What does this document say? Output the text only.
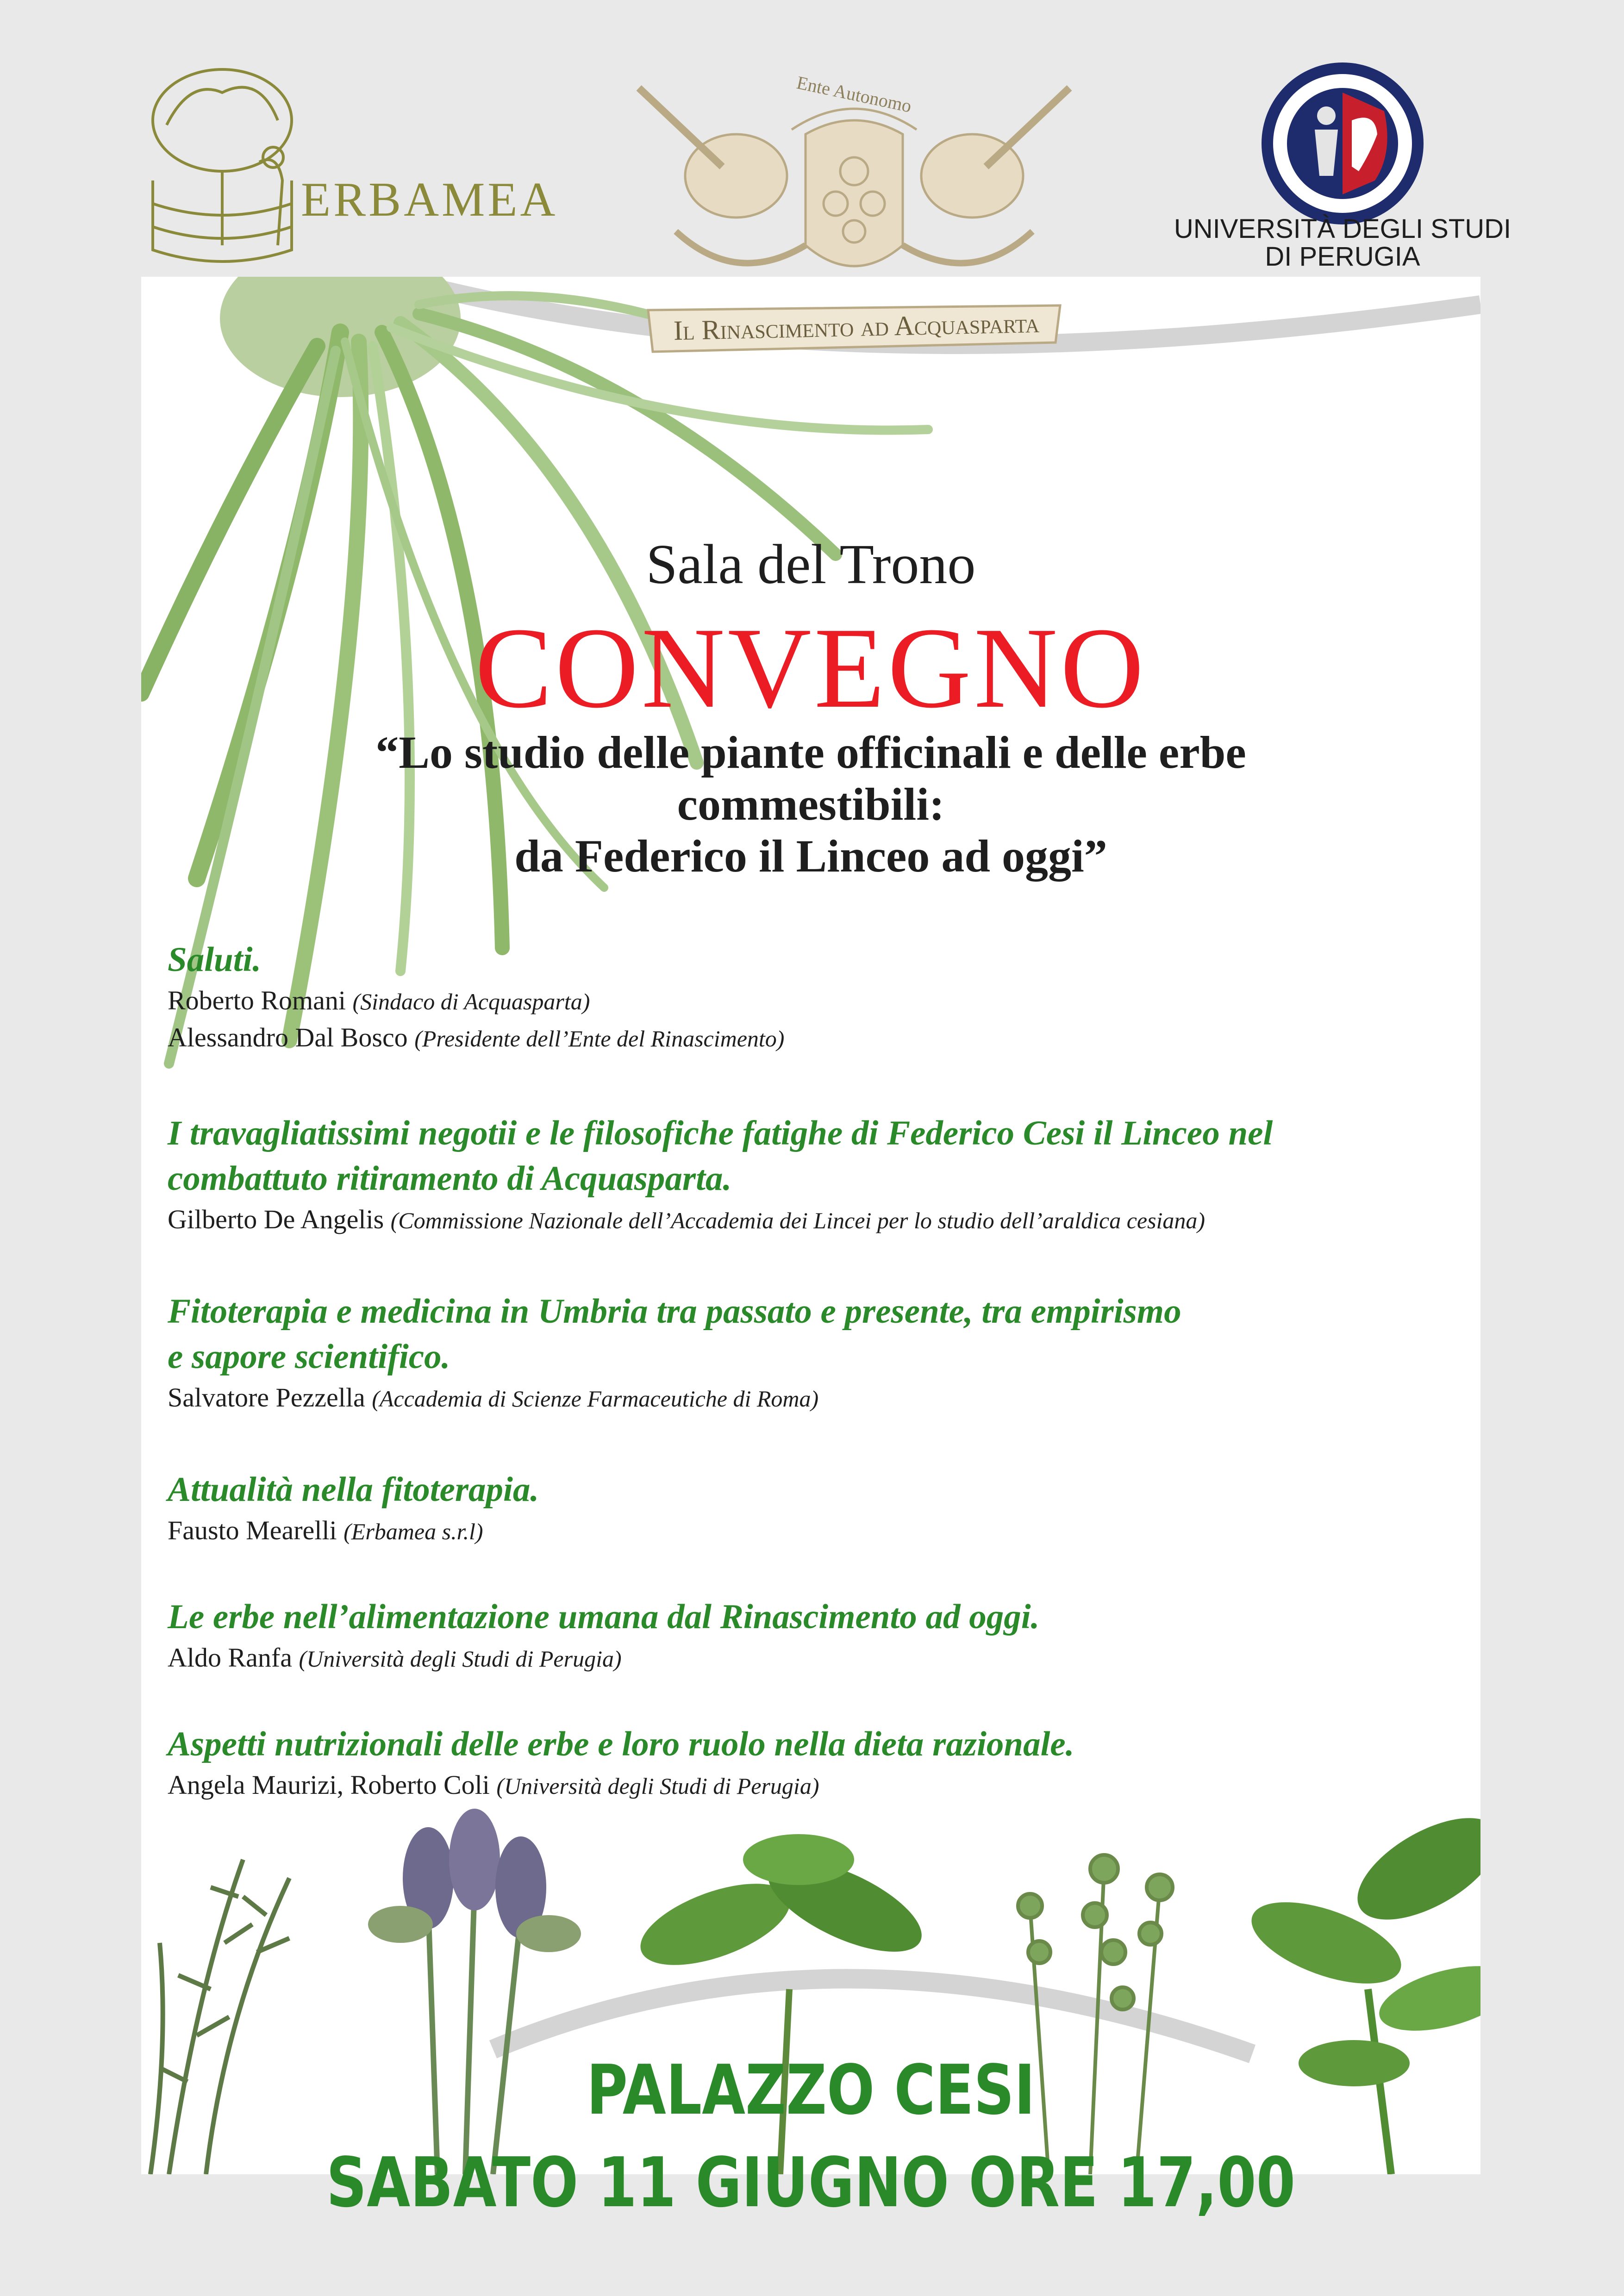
ERBAMEA
Ente Autonomo
Il Rinascimento ad Acquasparta
UNIVERSITÀ DEGLI STUDI
DI PERUGIA
Sala del Trono
CONVEGNO
“Lo studio delle piante officinali e delle erbe
commestibili:
da Federico il Linceo ad oggi”
Saluti.
Roberto Romani (Sindaco di Acquasparta)
Alessandro Dal Bosco (Presidente dell’Ente del Rinascimento)
I travagliatissimi negotii e le filosofiche fatighe di Federico Cesi il Linceo nel
combattuto ritiramento di Acquasparta.
Gilberto De Angelis (Commissione Nazionale dell’Accademia dei Lincei per lo studio dell’araldica cesiana)
Fitoterapia e medicina in Umbria tra passato e presente, tra empirismo
e sapore scientifico.
Salvatore Pezzella (Accademia di Scienze Farmaceutiche di Roma)
Attualità nella fitoterapia.
Fausto Mearelli (Erbamea s.r.l)
Le erbe nell’alimentazione umana dal Rinascimento ad oggi.
Aldo Ranfa (Università degli Studi di Perugia)
Aspetti nutrizionali delle erbe e loro ruolo nella dieta razionale.
Angela Maurizi, Roberto Coli (Università degli Studi di Perugia)
PALAZZO CESI
SABATO 11 GIUGNO ORE 17,00
